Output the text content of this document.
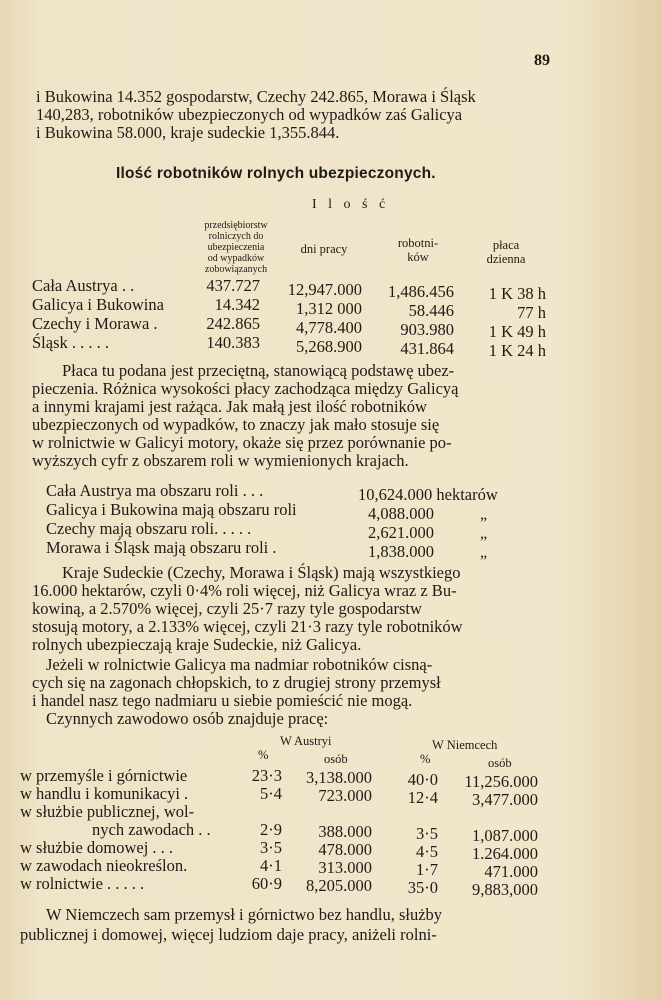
89
i Bukowina 14.352 gospodarstw, Czechy 242.865, Morawa i Śląsk
140,283, robotników ubezpieczonych od wypadków zaś Galicya
i Bukowina 58.000, kraje sudeckie 1,355.844.
Ilość robotników rolnych ubezpieczonych.
I l o ś ć
przedsiębiorstw
rolniczych do
ubezpieczenia
od wypadków
zobowiązanych
dni pracy	robotni-
ków
płaca
dzienna
Cała Austrya . .	437.727	12,947.000	1,486.456	1 K 38 h
Galicya i Bukowina	14.342	1,312 000	58.446	77 h
Czechy i Morawa .	242.865	4,778.400	903.980	1 K 49 h
Śląsk . . . . .	140.383	5,268.900	431.864	1 K 24 h
Płaca tu podana jest przeciętną, stanowiącą podstawę ubez-
pieczenia. Różnica wysokości płacy zachodząca między Galicyą
a innymi krajami jest rażąca. Jak małą jest ilość robotników
ubezpieczonych od wypadków, to znaczy jak mało stosuje się
w rolnictwie w Galicyi motory, okaże się przez porównanie po-
wyższych cyfr z obszarem roli w wymienionych krajach.
Cała Austrya ma obszaru roli . . .	10,624.000 hektarów
Galicya i Bukowina mają obszaru roli	4,088.000	„
Czechy mają obszaru roli. . . . .	2,621.000	„
Morawa i Śląsk mają obszaru roli .	1,838.000	„
Kraje Sudeckie (Czechy, Morawa i Śląsk) mają wszystkiego
16.000 hektarów, czyli 0·4% roli więcej, niż Galicya wraz z Bu-
kowiną, a 2.570% więcej, czyli 25·7 razy tyle gospodarstw
stosują motory, a 2.133% więcej, czyli 21·3 razy tyle robotników
rolnych ubezpieczają kraje Sudeckie, niż Galicya.
Jeżeli w rolnictwie Galicya ma nadmiar robotników cisną-
cych się na zagonach chłopskich, to z drugiej strony przemysł
i handel nasz tego nadmiaru u siebie pomieścić nie mogą.
Czynnych zawodowo osób znajduje pracę:
W Austryi
%	osób
W Niemcech
%	osób
w przemyśle i górnictwie	23·3	3,138.000	40·0	11,256.000
w handlu i komunikacyi .	5·4	723.000	12·4	3,477.000
w służbie publicznej, wol-
nych zawodach . .	2·9	388.000	3·5	1,087.000
w służbie domowej . . .	3·5	478.000	4·5	1.264.000
w zawodach nieokreślon.	4·1	313.000	1·7	471.000
w rolnictwie . . . . .	60·9	8,205.000	35·0	9,883,000
W Niemczech sam przemysł i górnictwo bez handlu, służby
publicznej i domowej, więcej ludziom daje pracy, aniżeli rolni-
